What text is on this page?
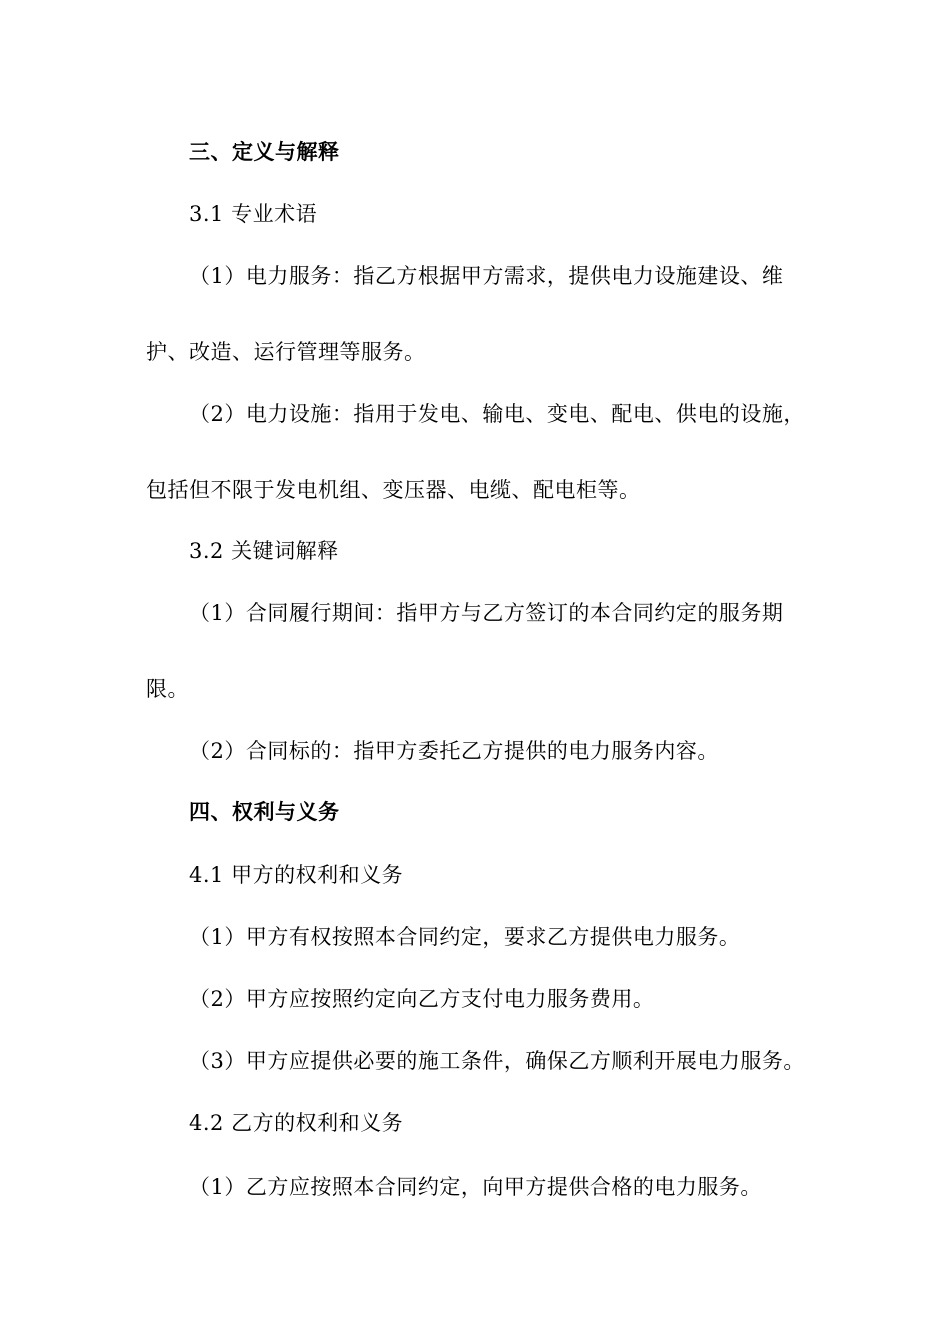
三、定义与解释
3.1 专业术语
（1）电力服务：指乙方根据甲方需求，提供电力设施建设、维
护、改造、运行管理等服务。
（2）电力设施：指用于发电、输电、变电、配电、供电的设施，
包括但不限于发电机组、变压器、电缆、配电柜等。
3.2 关键词解释
（1）合同履行期间：指甲方与乙方签订的本合同约定的服务期
限。
（2）合同标的：指甲方委托乙方提供的电力服务内容。
四、权利与义务
4.1 甲方的权利和义务
（1）甲方有权按照本合同约定，要求乙方提供电力服务。
（2）甲方应按照约定向乙方支付电力服务费用。
（3）甲方应提供必要的施工条件，确保乙方顺利开展电力服务。
4.2 乙方的权利和义务
（1）乙方应按照本合同约定，向甲方提供合格的电力服务。
